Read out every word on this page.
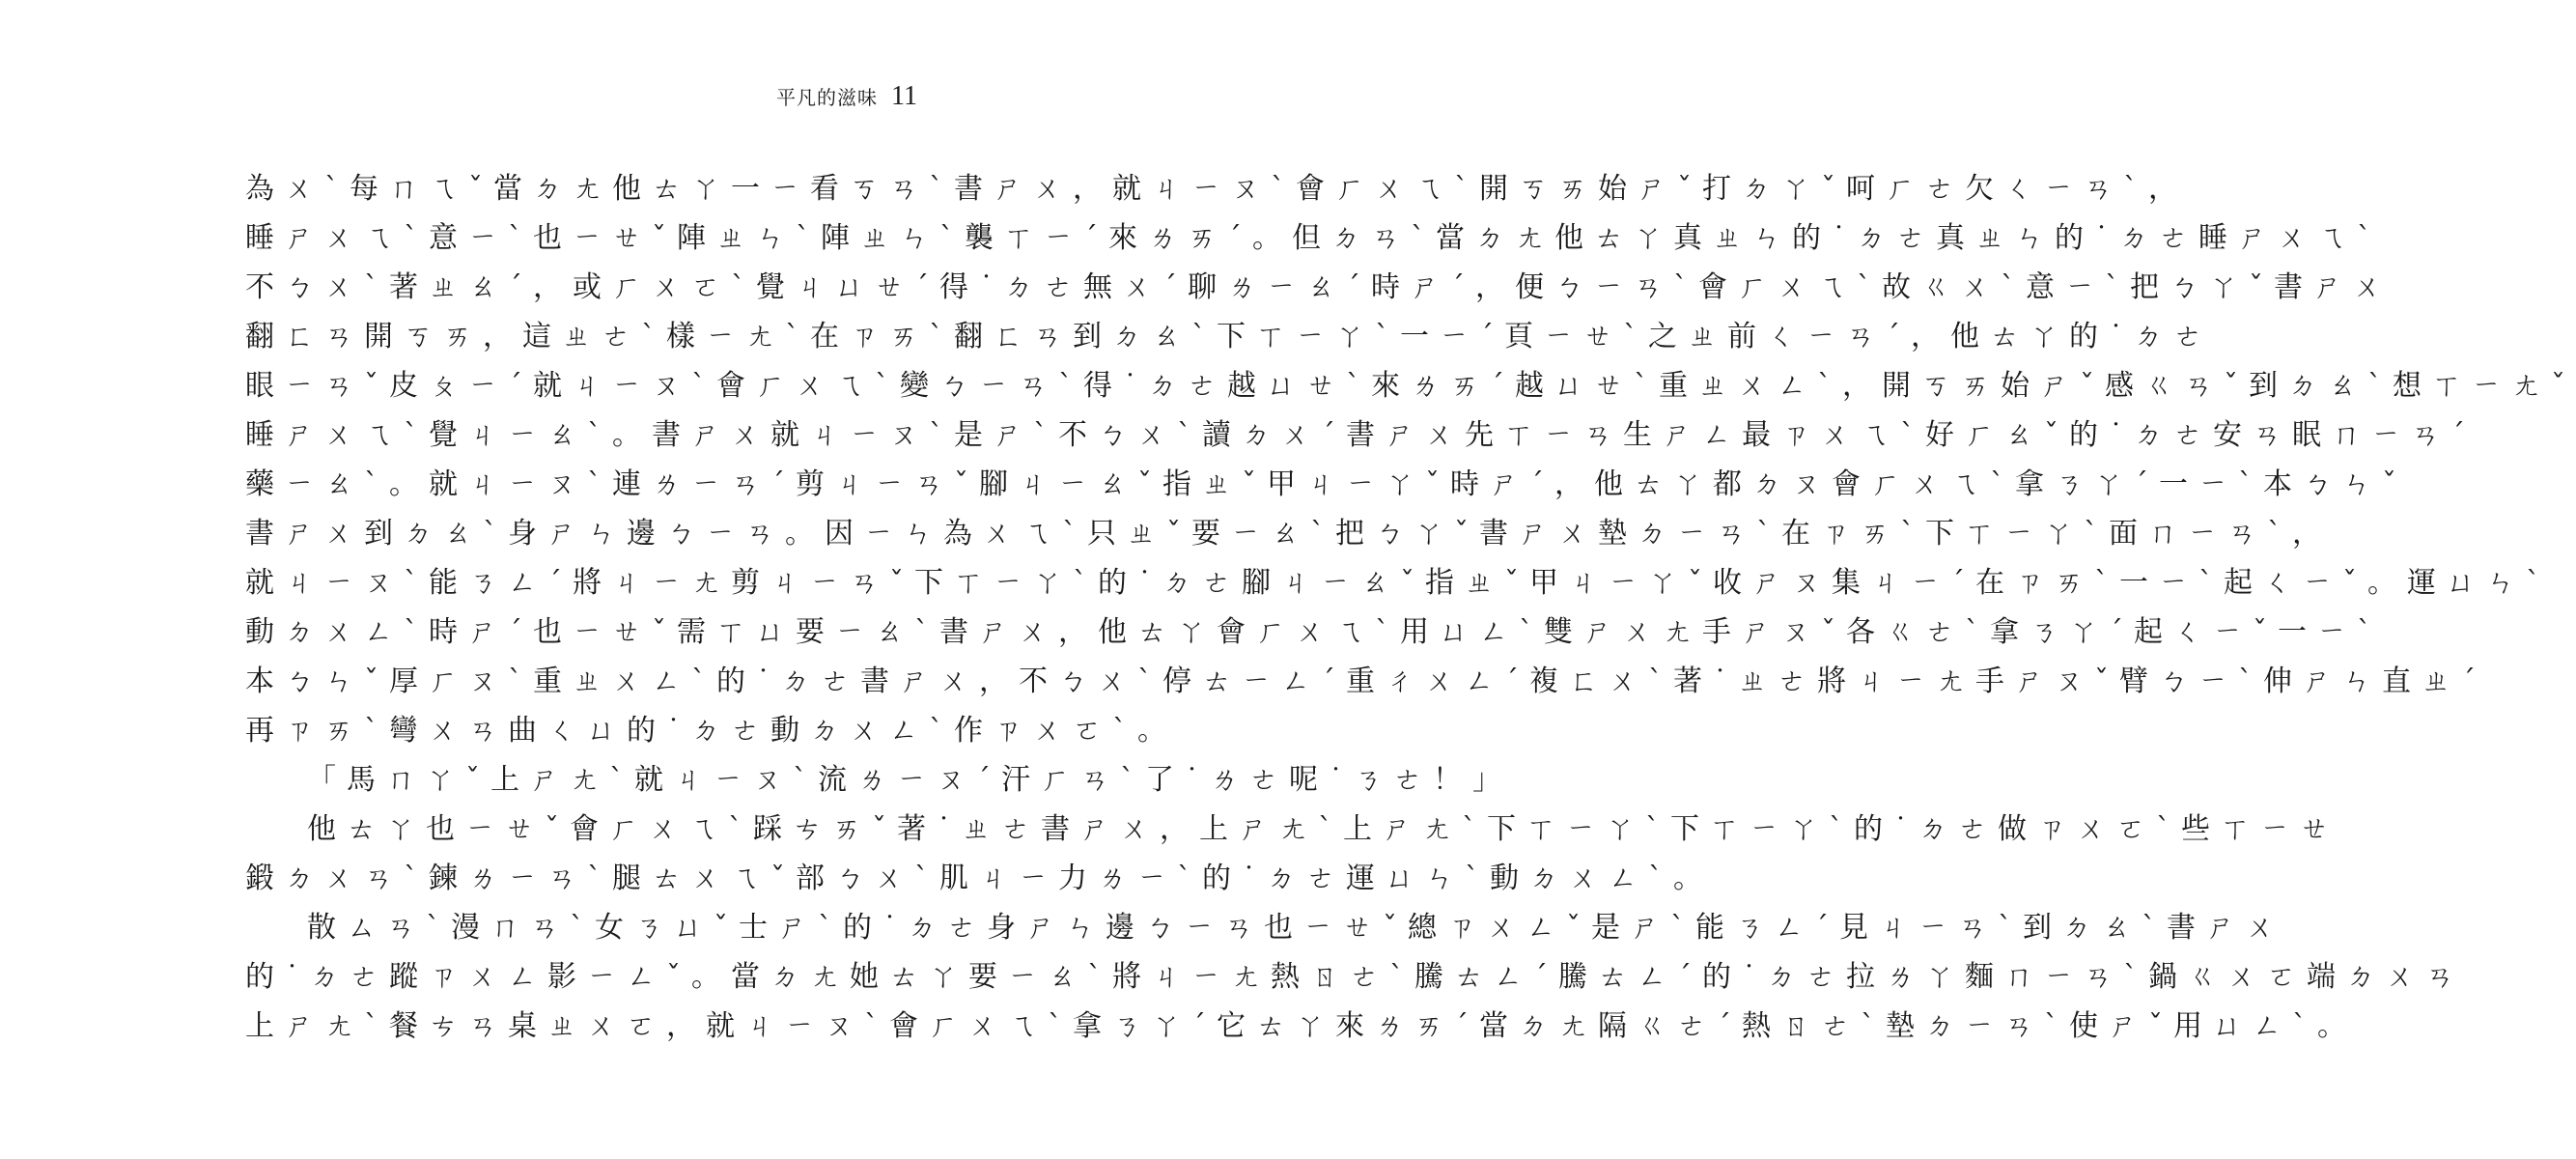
平凡的滋味 11
為ㄨˋ每ㄇㄟˇ當ㄉㄤ他ㄊㄚ一ㄧ看ㄎㄢˋ書ㄕㄨ，就ㄐㄧㄡˋ會ㄏㄨㄟˋ開ㄎㄞ始ㄕˇ打ㄉㄚˇ呵ㄏㄜ欠ㄑㄧㄢˋ，
睡ㄕㄨㄟˋ意ㄧˋ也ㄧㄝˇ陣ㄓㄣˋ陣ㄓㄣˋ襲ㄒㄧˊ來ㄌㄞˊ。但ㄉㄢˋ當ㄉㄤ他ㄊㄚ真ㄓㄣ的˙ㄉㄜ真ㄓㄣ的˙ㄉㄜ睡ㄕㄨㄟˋ
不ㄅㄨˋ著ㄓㄠˊ，或ㄏㄨㄛˋ覺ㄐㄩㄝˊ得˙ㄉㄜ無ㄨˊ聊ㄌㄧㄠˊ時ㄕˊ，便ㄅㄧㄢˋ會ㄏㄨㄟˋ故ㄍㄨˋ意ㄧˋ把ㄅㄚˇ書ㄕㄨ
翻ㄈㄢ開ㄎㄞ，這ㄓㄜˋ樣ㄧㄤˋ在ㄗㄞˋ翻ㄈㄢ到ㄉㄠˋ下ㄒㄧㄚˋ一ㄧˊ頁ㄧㄝˋ之ㄓ前ㄑㄧㄢˊ，他ㄊㄚ的˙ㄉㄜ
眼ㄧㄢˇ皮ㄆㄧˊ就ㄐㄧㄡˋ會ㄏㄨㄟˋ變ㄅㄧㄢˋ得˙ㄉㄜ越ㄩㄝˋ來ㄌㄞˊ越ㄩㄝˋ重ㄓㄨㄥˋ，開ㄎㄞ始ㄕˇ感ㄍㄢˇ到ㄉㄠˋ想ㄒㄧㄤˇ
睡ㄕㄨㄟˋ覺ㄐㄧㄠˋ。書ㄕㄨ就ㄐㄧㄡˋ是ㄕˋ不ㄅㄨˋ讀ㄉㄨˊ書ㄕㄨ先ㄒㄧㄢ生ㄕㄥ最ㄗㄨㄟˋ好ㄏㄠˇ的˙ㄉㄜ安ㄢ眠ㄇㄧㄢˊ
藥ㄧㄠˋ。就ㄐㄧㄡˋ連ㄌㄧㄢˊ剪ㄐㄧㄢˇ腳ㄐㄧㄠˇ指ㄓˇ甲ㄐㄧㄚˇ時ㄕˊ，他ㄊㄚ都ㄉㄡ會ㄏㄨㄟˋ拿ㄋㄚˊ一ㄧˋ本ㄅㄣˇ
書ㄕㄨ到ㄉㄠˋ身ㄕㄣ邊ㄅㄧㄢ。因ㄧㄣ為ㄨㄟˋ只ㄓˇ要ㄧㄠˋ把ㄅㄚˇ書ㄕㄨ墊ㄉㄧㄢˋ在ㄗㄞˋ下ㄒㄧㄚˋ面ㄇㄧㄢˋ，
就ㄐㄧㄡˋ能ㄋㄥˊ將ㄐㄧㄤ剪ㄐㄧㄢˇ下ㄒㄧㄚˋ的˙ㄉㄜ腳ㄐㄧㄠˇ指ㄓˇ甲ㄐㄧㄚˇ收ㄕㄡ集ㄐㄧˊ在ㄗㄞˋ一ㄧˋ起ㄑㄧˇ。運ㄩㄣˋ
動ㄉㄨㄥˋ時ㄕˊ也ㄧㄝˇ需ㄒㄩ要ㄧㄠˋ書ㄕㄨ，他ㄊㄚ會ㄏㄨㄟˋ用ㄩㄥˋ雙ㄕㄨㄤ手ㄕㄡˇ各ㄍㄜˋ拿ㄋㄚˊ起ㄑㄧˇ一ㄧˋ
本ㄅㄣˇ厚ㄏㄡˋ重ㄓㄨㄥˋ的˙ㄉㄜ書ㄕㄨ，不ㄅㄨˋ停ㄊㄧㄥˊ重ㄔㄨㄥˊ複ㄈㄨˋ著˙ㄓㄜ將ㄐㄧㄤ手ㄕㄡˇ臂ㄅㄧˋ伸ㄕㄣ直ㄓˊ
再ㄗㄞˋ彎ㄨㄢ曲ㄑㄩ的˙ㄉㄜ動ㄉㄨㄥˋ作ㄗㄨㄛˋ。
「馬ㄇㄚˇ上ㄕㄤˋ就ㄐㄧㄡˋ流ㄌㄧㄡˊ汗ㄏㄢˋ了˙ㄌㄜ呢˙ㄋㄜ！」
他ㄊㄚ也ㄧㄝˇ會ㄏㄨㄟˋ踩ㄘㄞˇ著˙ㄓㄜ書ㄕㄨ，上ㄕㄤˋ上ㄕㄤˋ下ㄒㄧㄚˋ下ㄒㄧㄚˋ的˙ㄉㄜ做ㄗㄨㄛˋ些ㄒㄧㄝ
鍛ㄉㄨㄢˋ鍊ㄌㄧㄢˋ腿ㄊㄨㄟˇ部ㄅㄨˋ肌ㄐㄧ力ㄌㄧˋ的˙ㄉㄜ運ㄩㄣˋ動ㄉㄨㄥˋ。
散ㄙㄢˋ漫ㄇㄢˋ女ㄋㄩˇ士ㄕˋ的˙ㄉㄜ身ㄕㄣ邊ㄅㄧㄢ也ㄧㄝˇ總ㄗㄨㄥˇ是ㄕˋ能ㄋㄥˊ見ㄐㄧㄢˋ到ㄉㄠˋ書ㄕㄨ
的˙ㄉㄜ蹤ㄗㄨㄥ影ㄧㄥˇ。當ㄉㄤ她ㄊㄚ要ㄧㄠˋ將ㄐㄧㄤ熱ㄖㄜˋ騰ㄊㄥˊ騰ㄊㄥˊ的˙ㄉㄜ拉ㄌㄚ麵ㄇㄧㄢˋ鍋ㄍㄨㄛ端ㄉㄨㄢ
上ㄕㄤˋ餐ㄘㄢ桌ㄓㄨㄛ，就ㄐㄧㄡˋ會ㄏㄨㄟˋ拿ㄋㄚˊ它ㄊㄚ來ㄌㄞˊ當ㄉㄤ隔ㄍㄜˊ熱ㄖㄜˋ墊ㄉㄧㄢˋ使ㄕˇ用ㄩㄥˋ。
